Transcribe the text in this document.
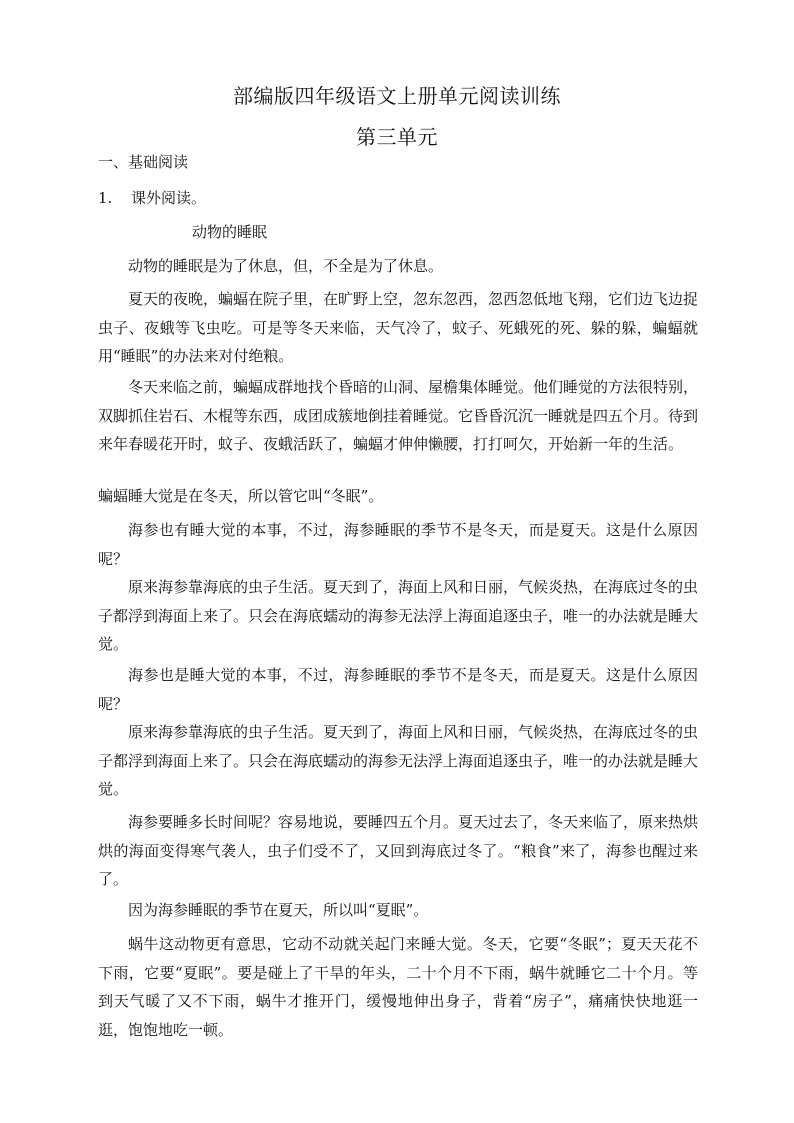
部编版四年级语文上册单元阅读训练
第三单元
一、基础阅读
1. 课外阅读。
动物的睡眠

动物的睡眠是为了休息，但，不全是为了休息。

夏天的夜晚，蝙蝠在院子里，在旷野上空，忽东忽西，忽西忽低地飞翔，它们边飞边捉虫子、夜蛾等飞虫吃。可是等冬天来临，天气冷了，蚊子、死蛾死的死、躲的躲，蝙蝠就用“睡眠”的办法来对付绝粮。

冬天来临之前，蝙蝠成群地找个昏暗的山洞、屋檐集体睡觉。他们睡觉的方法很特别，双脚抓住岩石、木棍等东西，成团成簇地倒挂着睡觉。它昏昏沉沉一睡就是四五个月。待到来年春暖花开时，蚊子、夜蛾活跃了，蝙蝠才伸伸懒腰，打打呵欠，开始新一年的生活。

蝙蝠睡大觉是在冬天，所以管它叫“冬眠”。

海参也有睡大觉的本事，不过，海参睡眠的季节不是冬天，而是夏天。这是什么原因呢？

原来海参靠海底的虫子生活。夏天到了，海面上风和日丽，气候炎热，在海底过冬的虫子都浮到海面上来了。只会在海底蠕动的海参无法浮上海面追逐虫子，唯一的办法就是睡大觉。

海参也是睡大觉的本事，不过，海参睡眠的季节不是冬天，而是夏天。这是什么原因呢？

原来海参靠海底的虫子生活。夏天到了，海面上风和日丽，气候炎热，在海底过冬的虫子都浮到海面上来了。只会在海底蠕动的海参无法浮上海面追逐虫子，唯一的办法就是睡大觉。

海参要睡多长时间呢？容易地说，要睡四五个月。夏天过去了，冬天来临了，原来热烘烘的海面变得寒气袭人，虫子们受不了，又回到海底过冬了。“粮食”来了，海参也醒过来了。

因为海参睡眠的季节在夏天，所以叫“夏眠”。

蜗牛这动物更有意思，它动不动就关起门来睡大觉。冬天，它要“冬眠”；夏天天花不下雨，它要“夏眠”。要是碰上了干旱的年头，二十个月不下雨，蜗牛就睡它二十个月。等到天气暖了又不下雨，蜗牛才推开门，缓慢地伸出身子，背着“房子”，痛痛快快地逛一逛，饱饱地吃一顿。
